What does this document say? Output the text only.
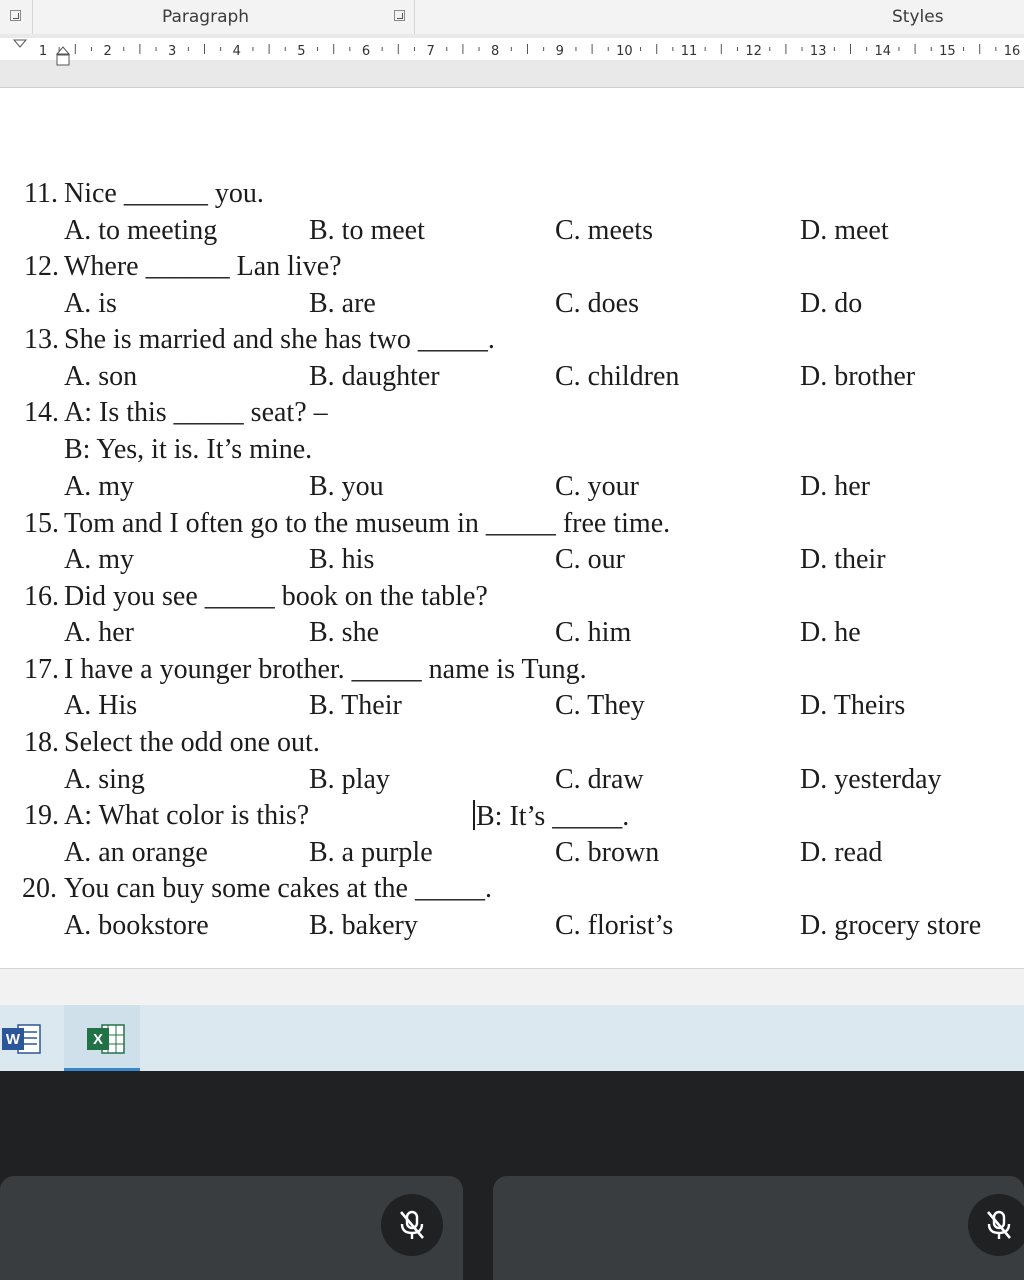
Paragraph	Styles
1	2	3	4	5	6	7	8	9	10	11	12	13	14	15	16
11. Nice ______ you.
A. to meeting	B. to meet	C. meets	D. meet
12. Where ______ Lan live?
A. is	B. are	C. does	D. do
13. She is married and she has two _____.
A. son	B. daughter	C. children	D. brother
14. A: Is this _____ seat? –
B: Yes, it is. It’s mine.
A. my	B. you	C. your	D. her
15. Tom and I often go to the museum in _____ free time.
A. my	B. his	C. our	D. their
16. Did you see _____ book on the table?
A. her	B. she	C. him	D. he
17. I have a younger brother. _____ name is Tung.
A. His	B. Their	C. They	D. Theirs
18. Select the odd one out.
A. sing	B. play	C. draw	D. yesterday
19. A: What color is this?	B: It’s _____.
A. an orange	B. a purple	C. brown	D. read
20. You can buy some cakes at the _____.
A. bookstore	B. bakery	C. florist’s	D. grocery store
W	X
